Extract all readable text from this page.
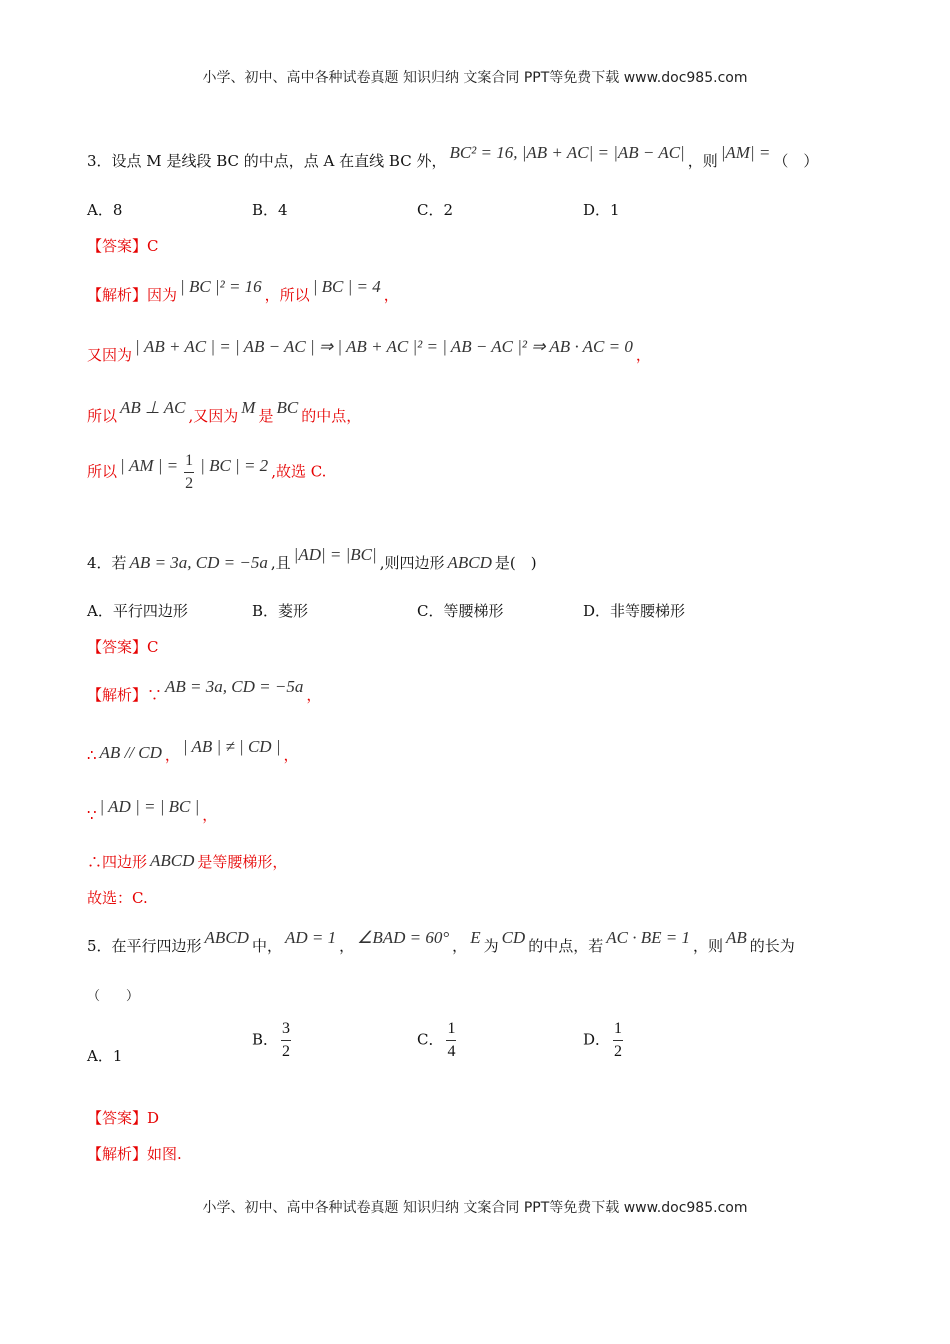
小学、初中、高中各种试卷真题 知识归纳 文案合同 PPT等免费下载 www.doc985.com
3．设点 M 是线段 BC 的中点，点 A 在直线 BC 外， BC² = 16, |AB + AC| = |AB − AC| ，则 |AM| = （　）
A．8	B．4	C．2	D．1
【答案】C
【解析】因为 | BC |² = 16 ，所以 | BC | = 4 ，
又因为 | AB + AC | = | AB − AC | ⇒ | AB + AC |² = | AB − AC |² ⇒ AB · AC = 0 ，
所以 AB ⊥ AC ,又因为 M 是 BC 的中点，
所以 | AM | = $\frac{1}{2}$ | BC | = 2 ,故选 C.
4．若 AB = 3a, CD = −5a ,且 |AD| = |BC| ,则四边形 ABCD 是(　)
A．平行四边形	B．菱形	C．等腰梯形	D．非等腰梯形
【答案】C
【解析】∵ AB = 3a, CD = −5a ，
∴ AB // CD ， | AB | ≠ | CD | ，
∵ | AD | = | BC | ，
∴四边形 ABCD 是等腰梯形，
故选：C.
5．在平行四边形 ABCD 中， AD = 1 ， ∠BAD = 60° ， E 为 CD 的中点，若 AC · BE = 1 ，则 AB 的长为
（　　）
A．1
B． $\frac{3}{2}$	C． $\frac{1}{4}$	D． $\frac{1}{2}$
【答案】D
【解析】如图.
小学、初中、高中各种试卷真题 知识归纳 文案合同 PPT等免费下载 www.doc985.com
